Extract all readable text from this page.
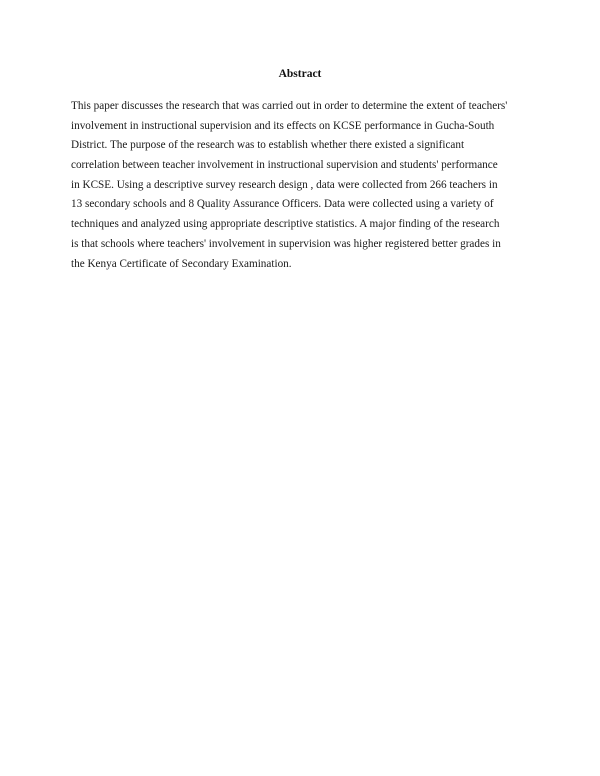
Abstract
This paper discusses the research that was carried out in order to determine the extent of teachers'
involvement in instructional supervision and its effects on KCSE performance in Gucha-South
District. The purpose of the research was to establish whether there existed a significant
correlation between teacher involvement in instructional supervision and students' performance
in KCSE. Using a descriptive survey research design , data were collected from 266 teachers in
13 secondary schools and 8 Quality Assurance Officers. Data were collected using a variety of
techniques and analyzed using appropriate descriptive statistics. A major finding of the research
is that schools where teachers' involvement in supervision was higher registered better grades in
the Kenya Certificate of Secondary Examination.
